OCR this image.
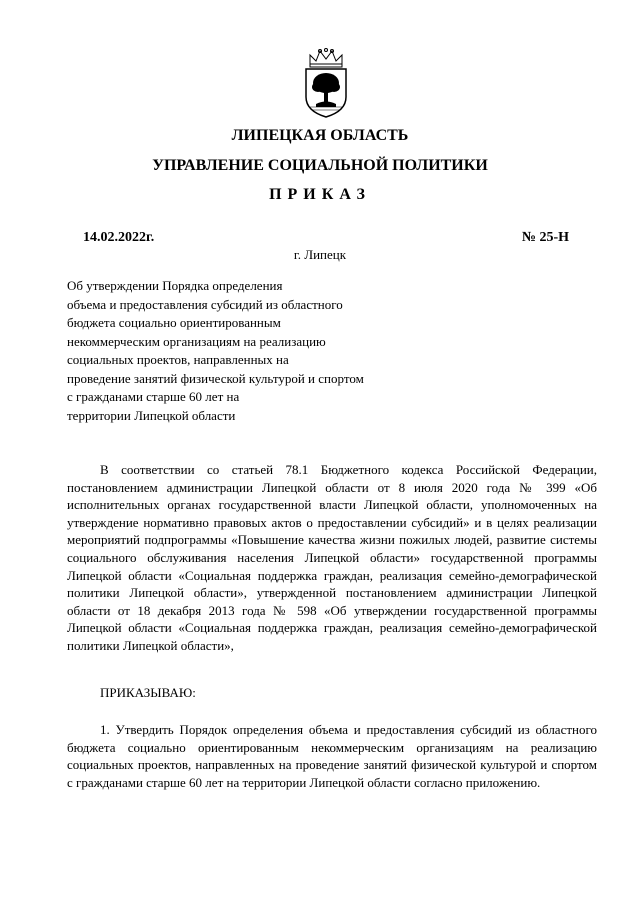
ЛИПЕЦКАЯ ОБЛАСТЬ
УПРАВЛЕНИЕ СОЦИАЛЬНОЙ ПОЛИТИКИ
ПРИКАЗ
14.02.2022г.	№ 25-Н
г. Липецк
Об утверждении Порядка определения
объема и предоставления субсидий из областного
бюджета социально ориентированным
некоммерческим организациям на реализацию
социальных проектов, направленных на
проведение занятий физической культурой и спортом
с гражданами старше 60 лет на
территории Липецкой области

В соответствии со статьей 78.1 Бюджетного кодекса Российской Федерации, постановлением администрации Липецкой области от 8 июля 2020 года № 399 «Об исполнительных органах государственной власти Липецкой области, уполномоченных на утверждение нормативно правовых актов о предоставлении субсидий» и в целях реализации мероприятий подпрограммы «Повышение качества жизни пожилых людей, развитие системы социального обслуживания населения Липецкой области» государственной программы Липецкой области «Социальная поддержка граждан, реализация семейно-демографической политики Липецкой области», утвержденной постановлением администрации Липецкой области от 18 декабря 2013 года № 598 «Об утверждении государственной программы Липецкой области «Социальная поддержка граждан, реализация семейно-демографической политики Липецкой области»,

ПРИКАЗЫВАЮ:

1. Утвердить Порядок определения объема и предоставления субсидий из областного бюджета социально ориентированным некоммерческим организациям на реализацию социальных проектов, направленных на проведение занятий физической культурой и спортом с гражданами старше 60 лет на территории Липецкой области согласно приложению.
